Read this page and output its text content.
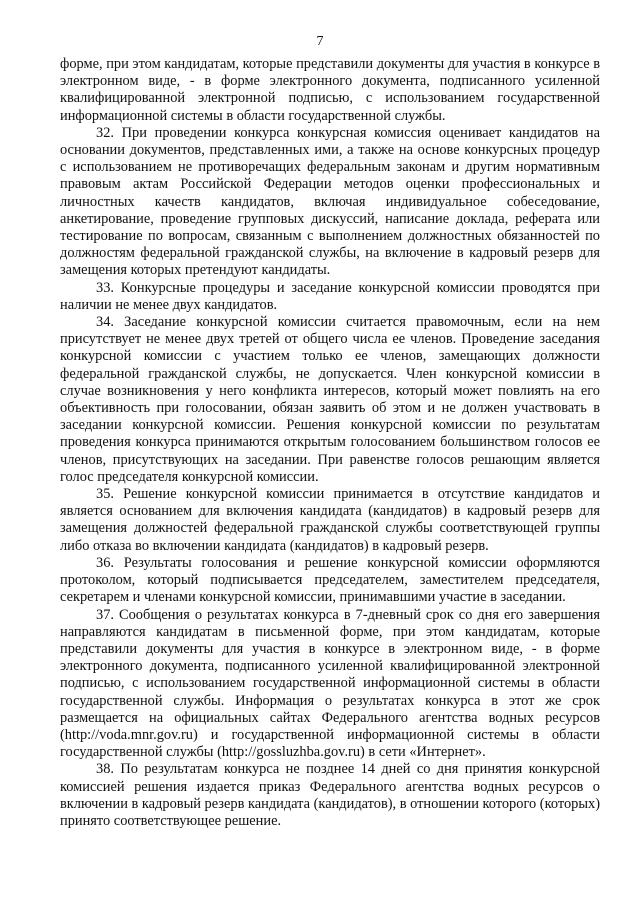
7

форме, при этом кандидатам, которые представили документы для участия в конкурсе в электронном виде, - в форме электронного документа, подписанного усиленной квалифицированной электронной подписью, с использованием государственной информационной системы в области государственной службы.

32. При проведении конкурса конкурсная комиссия оценивает кандидатов на основании документов, представленных ими, а также на основе конкурсных процедур с использованием не противоречащих федеральным законам и другим нормативным правовым актам Российской Федерации методов оценки профессиональных и личностных качеств кандидатов, включая индивидуальное собеседование, анкетирование, проведение групповых дискуссий, написание доклада, реферата или тестирование по вопросам, связанным с выполнением должностных обязанностей по должностям федеральной гражданской службы, на включение в кадровый резерв для замещения которых претендуют кандидаты.

33. Конкурсные процедуры и заседание конкурсной комиссии проводятся при наличии не менее двух кандидатов.

34. Заседание конкурсной комиссии считается правомочным, если на нем присутствует не менее двух третей от общего числа ее членов. Проведение заседания конкурсной комиссии с участием только ее членов, замещающих должности федеральной гражданской службы, не допускается. Член конкурсной комиссии в случае возникновения у него конфликта интересов, который может повлиять на его объективность при голосовании, обязан заявить об этом и не должен участвовать в заседании конкурсной комиссии. Решения конкурсной комиссии по результатам проведения конкурса принимаются открытым голосованием большинством голосов ее членов, присутствующих на заседании. При равенстве голосов решающим является голос председателя конкурсной комиссии.

35. Решение конкурсной комиссии принимается в отсутствие кандидатов и является основанием для включения кандидата (кандидатов) в кадровый резерв для замещения должностей федеральной гражданской службы соответствующей группы либо отказа во включении кандидата (кандидатов) в кадровый резерв.

36. Результаты голосования и решение конкурсной комиссии оформляются протоколом, который подписывается председателем, заместителем председателя, секретарем и членами конкурсной комиссии, принимавшими участие в заседании.

37. Сообщения о результатах конкурса в 7-дневный срок со дня его завершения направляются кандидатам в письменной форме, при этом кандидатам, которые представили документы для участия в конкурсе в электронном виде, - в форме электронного документа, подписанного усиленной квалифицированной электронной подписью, с использованием государственной информационной системы в области государственной службы. Информация о результатах конкурса в этот же срок размещается на официальных сайтах Федерального агентства водных ресурсов (http://voda.mnr.gov.ru) и государственной информационной системы в области государственной службы (http://gossluzhba.gov.ru) в сети «Интернет».

38. По результатам конкурса не позднее 14 дней со дня принятия конкурсной комиссией решения издается приказ Федерального агентства водных ресурсов о включении в кадровый резерв кандидата (кандидатов), в отношении которого (которых) принято соответствующее решение.
